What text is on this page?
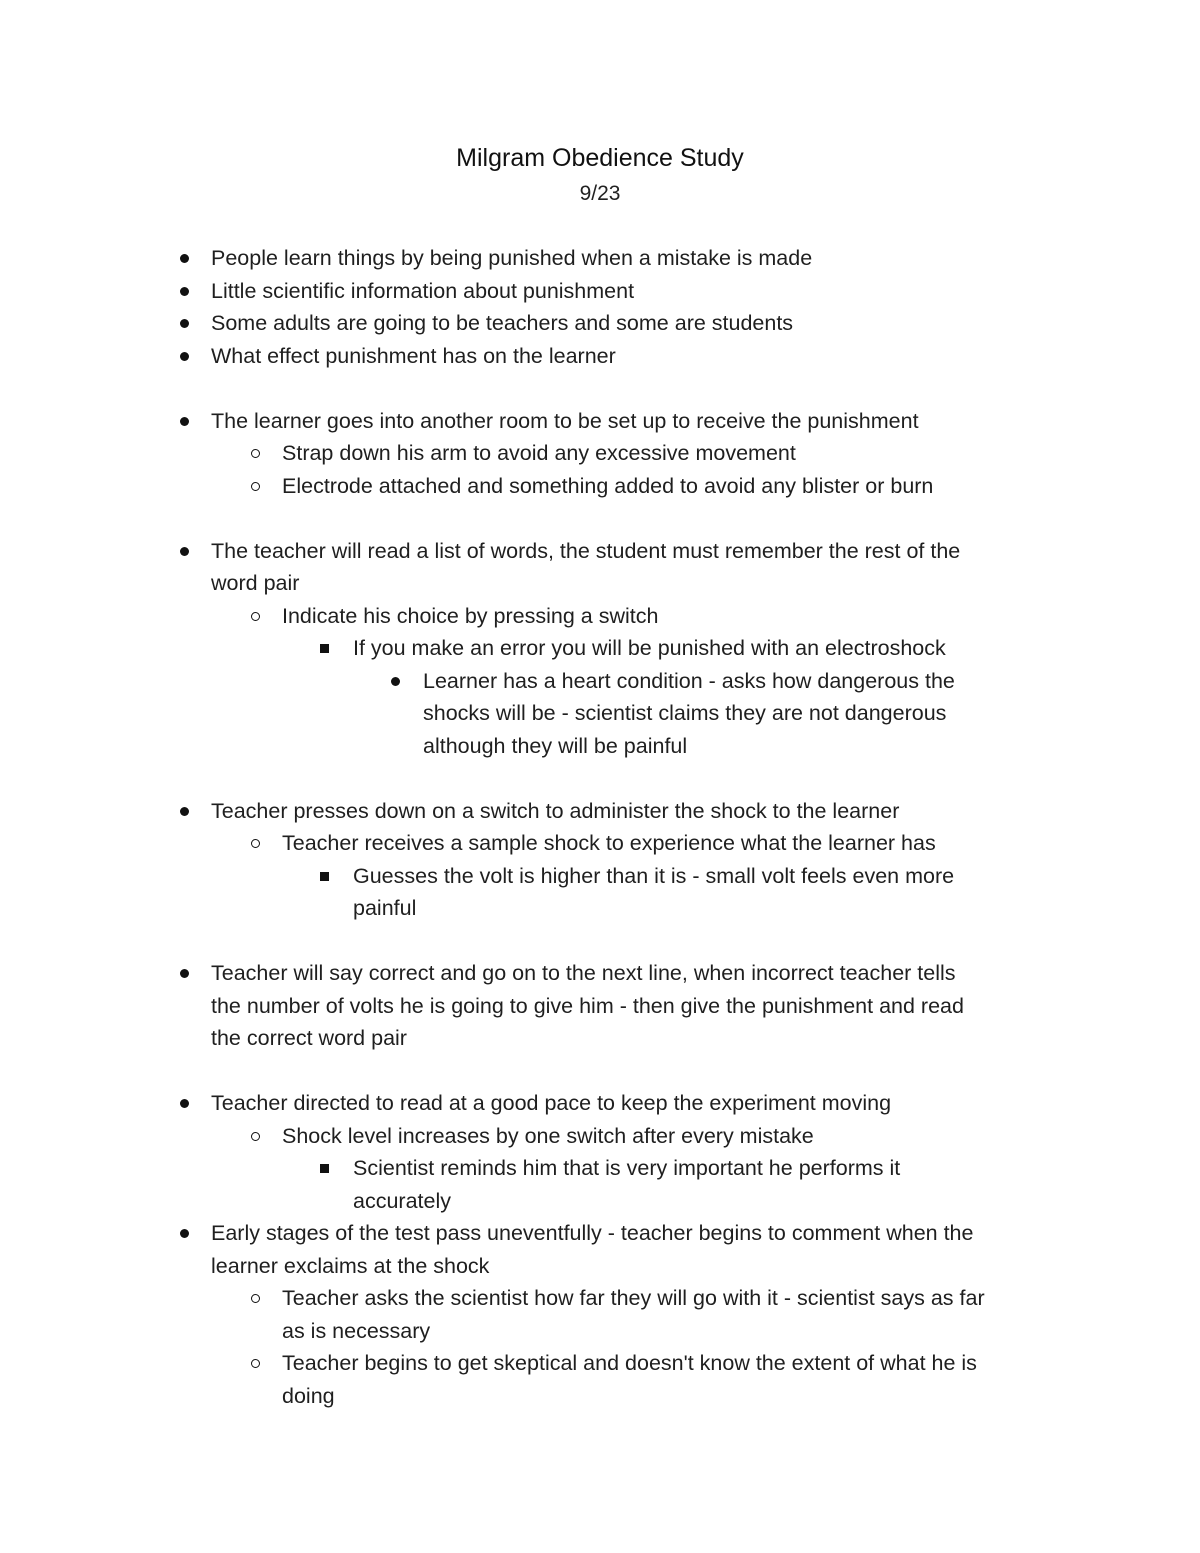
Milgram Obedience Study
9/23
People learn things by being punished when a mistake is made
Little scientific information about punishment
Some adults are going to be teachers and some are students
What effect punishment has on the learner
The learner goes into another room to be set up to receive the punishment
Strap down his arm to avoid any excessive movement
Electrode attached and something added to avoid any blister or burn
The teacher will read a list of words, the student must remember the rest of the
word pair
Indicate his choice by pressing a switch
If you make an error you will be punished with an electroshock
Learner has a heart condition - asks how dangerous the
shocks will be - scientist claims they are not dangerous
although they will be painful
Teacher presses down on a switch to administer the shock to the learner
Teacher receives a sample shock to experience what the learner has
Guesses the volt is higher than it is - small volt feels even more
painful
Teacher will say correct and go on to the next line, when incorrect teacher tells
the number of volts he is going to give him - then give the punishment and read
the correct word pair
Teacher directed to read at a good pace to keep the experiment moving
Shock level increases by one switch after every mistake
Scientist reminds him that is very important he performs it
accurately
Early stages of the test pass uneventfully - teacher begins to comment when the
learner exclaims at the shock
Teacher asks the scientist how far they will go with it - scientist says as far
as is necessary
Teacher begins to get skeptical and doesn't know the extent of what he is
doing
